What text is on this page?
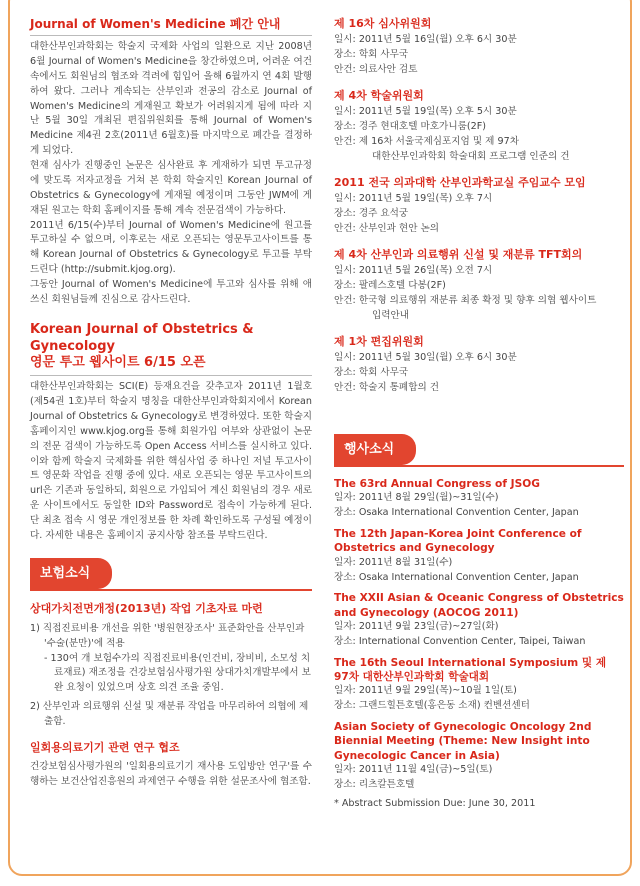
Journal of Women's Medicine 폐간 안내

대한산부인과학회는 학술지 국제화 사업의 일환으로 지난 2008년 6월 Journal of Women's Medicine을 창간하였으며, 어려운 여건 속에서도 회원님의 협조와 격려에 힘입어 올해 6월까지 연 4회 발행하여 왔다. 그러나 계속되는 산부인과 전공의 감소로 Journal of Women's Medicine의 게재원고 확보가 어려워지게 됨에 따라 지난 5월 30일 개최된 편집위원회를 통해 Journal of Women's Medicine 제4권 2호(2011년 6월호)를 마지막으로 폐간을 결정하게 되었다.

현재 심사가 진행중인 논문은 심사완료 후 게재하가 되면 투고규정에 맞도록 저자교정을 거쳐 본 학회 학술지인 Korean Journal of Obstetrics & Gynecology에 게재될 예정이며 그동안 JWM에 게재된 원고는 학회 홈페이지를 통해 계속 전문검색이 가능하다.

2011년 6/15(수)부터 Journal of Women's Medicine에 원고를 투고하실 수 없으며, 이후로는 새로 오픈되는 영문투고사이트를 통해 Korean Journal of Obstetrics & Gynecology로 투고를 부탁드린다 (http://submit.kjog.org).

그동안 Journal of Women's Medicine에 투고와 심사를 위해 애쓰신 회원님들께 진심으로 감사드린다.

Korean Journal of Obstetrics & Gynecology
영문 투고 웹사이트 6/15 오픈

대한산부인과학회는 SCI(E) 등재요건을 갖추고자 2011년 1월호(제54권 1호)부터 학술지 명칭을 대한산부인과학회지에서 Korean Journal of Obstetrics & Gynecology로 변경하였다. 또한 학술지 홈페이지인 www.kjog.org를 통해 회원가입 여부와 상관없이 논문의 전문 검색이 가능하도록 Open Access 서비스를 실시하고 있다. 이와 함께 학술지 국제화를 위한 핵심사업 중 하나인 저널 투고사이트 영문화 작업을 진행 중에 있다. 새로 오픈되는 영문 투고사이트의 url은 기존과 동일하되, 회원으로 가입되어 계신 회원님의 경우 새로운 사이트에서도 동일한 ID와 Password로 접속이 가능하게 된다. 단 최초 접속 시 영문 개인정보를 한 차례 확인하도록 구성될 예정이다. 자세한 내용은 홈페이지 공지사항 참조를 부탁드린다.

보험소식
상대가치전면개정(2013년) 작업 기초자료 마련
1) 직접진료비용 개선을 위한 '병원현장조사' 표준화안을 산부인과 '수술(분만)'에 적용
- 130여 개 보험수가의 직접진료비용(인건비, 장비비, 소모성 치료재료) 재조정을 건강보험심사평가원 상대가치개발부에서 보완 요청이 있었으며 상호 의견 조율 중임.
2) 산부인과 의료행위 신설 및 재분류 작업을 마무리하여 의협에 제출함.
일회용의료기기 관련 연구 협조

건강보험심사평가원의 '일회용의료기기 재사용 도입방안 연구'를 수행하는 보건산업진흥원의 과제연구 수행을 위한 설문조사에 협조함.

제 16차 심사위원회
일시: 2011년 5월 16일(월) 오후 6시 30분
장소: 학회 사무국
안건: 의료사안 검토
제 4차 학술위원회
일시: 2011년 5월 19일(목) 오후 5시 30분
장소: 경주 현대호텔 마호가니룸(2F)
안건: 제 16차 서울국제심포지엄 및 제 97차
대한산부인과학회 학술대회 프로그램 인준의 건
2011 전국 의과대학 산부인과학교실 주임교수 모임
일시: 2011년 5월 19일(목) 오후 7시
장소: 경주 요석궁
안건: 산부인과 현안 논의
제 4차 산부인과 의료행위 신설 및 재분류 TFT회의
일시: 2011년 5월 26일(목) 오전 7시
장소: 팔레스호텔 다봉(2F)
안건: 한국형 의료행위 재분류 최종 확정 및 향후 의협 웹사이트
입력안내
제 1차 편집위원회
일시: 2011년 5월 30일(월) 오후 6시 30분
장소: 학회 사무국
안건: 학술지 통폐합의 건
행사소식
The 63rd Annual Congress of JSOG
일자: 2011년 8월 29일(월)~31일(수)
장소: Osaka International Convention Center, Japan
The 12th Japan-Korea Joint Conference of Obstetrics and Gynecology
일자: 2011년 8월 31일(수)
장소: Osaka International Convention Center, Japan
The XXII Asian & Oceanic Congress of Obstetrics and Gynecology (AOCOG 2011)
일자: 2011년 9월 23일(금)~27일(화)
장소: International Convention Center, Taipei, Taiwan
The 16th Seoul International Symposium 및 제 97차 대한산부인과학회 학술대회
일자: 2011년 9월 29일(목)~10월 1일(토)
장소: 그랜드힐튼호텔(홍은동 소재) 컨벤션센터
Asian Society of Gynecologic Oncology 2nd Biennial Meeting (Theme: New Insight into Gynecologic Cancer in Asia)
일자: 2011년 11월 4일(금)~5일(토)
장소: 리츠칼튼호텔
* Abstract Submission Due: June 30, 2011
